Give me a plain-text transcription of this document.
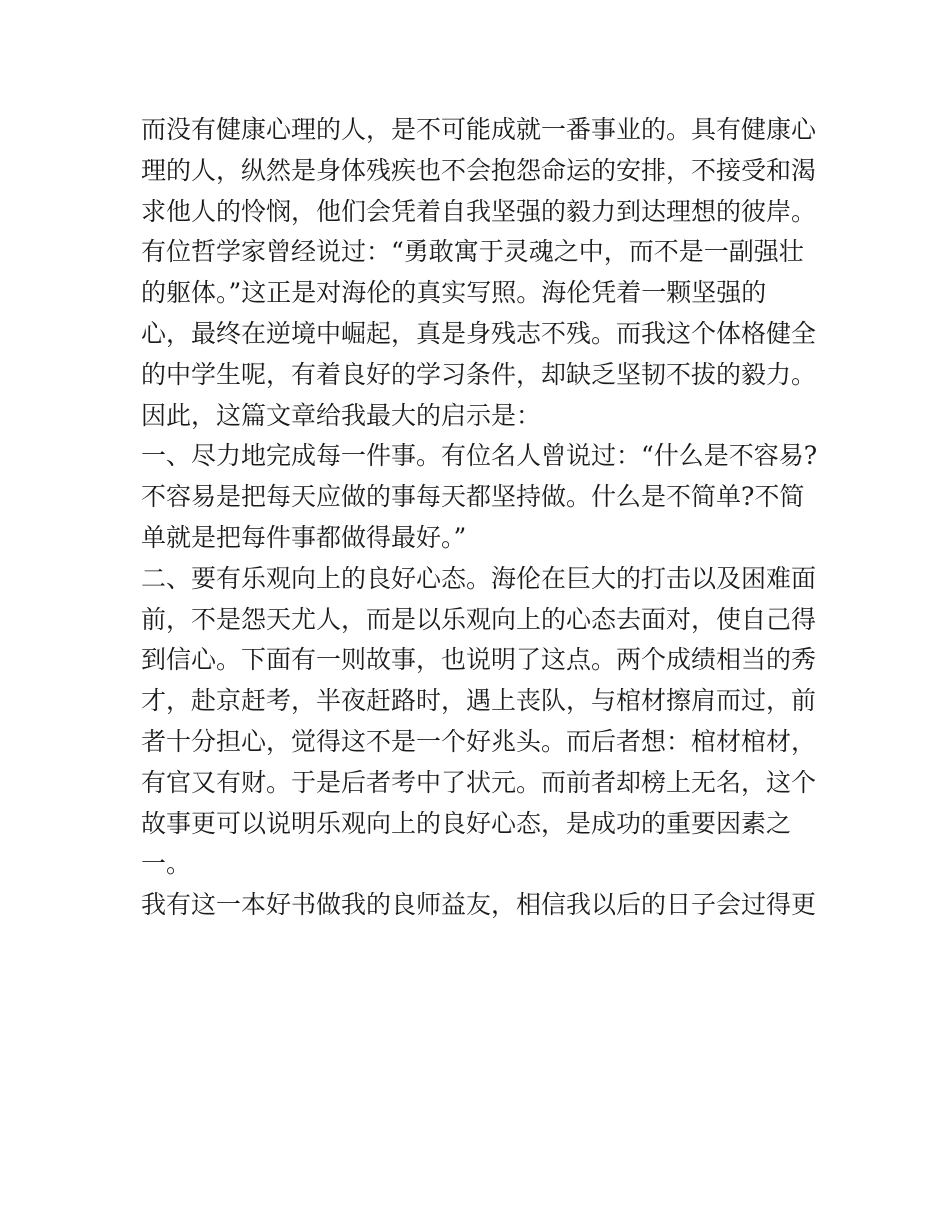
而没有健康心理的人，是不可能成就一番事业的。具有健康心
理的人，纵然是身体残疾也不会抱怨命运的安排，不接受和渴
求他人的怜悯，他们会凭着自我坚强的毅力到达理想的彼岸。
有位哲学家曾经说过：“勇敢寓于灵魂之中，而不是一副强壮
的躯体。”这正是对海伦的真实写照。海伦凭着一颗坚强的
心，最终在逆境中崛起，真是身残志不残。而我这个体格健全
的中学生呢，有着良好的学习条件，却缺乏坚韧不拔的毅力。
因此，这篇文章给我最大的启示是：
一、尽力地完成每一件事。有位名人曾说过：“什么是不容易?
不容易是把每天应做的事每天都坚持做。什么是不简单?不简
单就是把每件事都做得最好。”
二、要有乐观向上的良好心态。海伦在巨大的打击以及困难面
前，不是怨天尤人，而是以乐观向上的心态去面对，使自己得
到信心。下面有一则故事，也说明了这点。两个成绩相当的秀
才，赴京赶考，半夜赶路时，遇上丧队，与棺材擦肩而过，前
者十分担心，觉得这不是一个好兆头。而后者想：棺材棺材，
有官又有财。于是后者考中了状元。而前者却榜上无名，这个
故事更可以说明乐观向上的良好心态，是成功的重要因素之
一。
我有这一本好书做我的良师益友，相信我以后的日子会过得更
